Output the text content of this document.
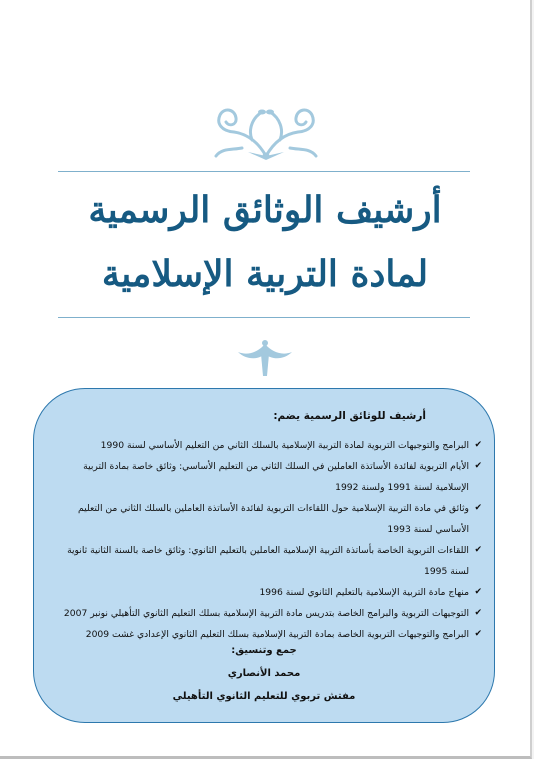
أرشيف الوثائق الرسمية
لمادة التربية الإسلامية
أرشيف للوثائق الرسمية يضم:
✔
البرامج والتوجيهات التربوية لمادة التربية الإسلامية بالسلك الثاني من التعليم الأساسي لسنة 1990
✔
الأيام التربوية لفائدة الأساتذة العاملين في السلك الثاني من التعليم الأساسي: وثائق خاصة بمادة التربية
الإسلامية لسنة 1991 ولسنة 1992
✔
وثائق في مادة التربية الإسلامية حول اللقاءات التربوية لفائدة الأساتذة العاملين بالسلك الثاني من التعليم
الأساسي لسنة 1993
✔
اللقاءات التربوية الخاصة بأساتذة التربية الإسلامية العاملين بالتعليم الثانوي: وثائق خاصة بالسنة الثانية ثانوية
لسنة 1995
✔
منهاج مادة التربية الإسلامية بالتعليم الثانوي لسنة 1996
✔
التوجيهات التربوية والبرامج الخاصة بتدريس مادة التربية الإسلامية بسلك التعليم الثانوي التأهيلي نونبر 2007
✔
البرامج والتوجيهات التربوية الخاصة بمادة التربية الإسلامية بسلك التعليم الثانوي الإعدادي غشت 2009
جمع وتنسيق:
محمد الأنصاري
مفتش تربوي للتعليم الثانوي التأهيلي
